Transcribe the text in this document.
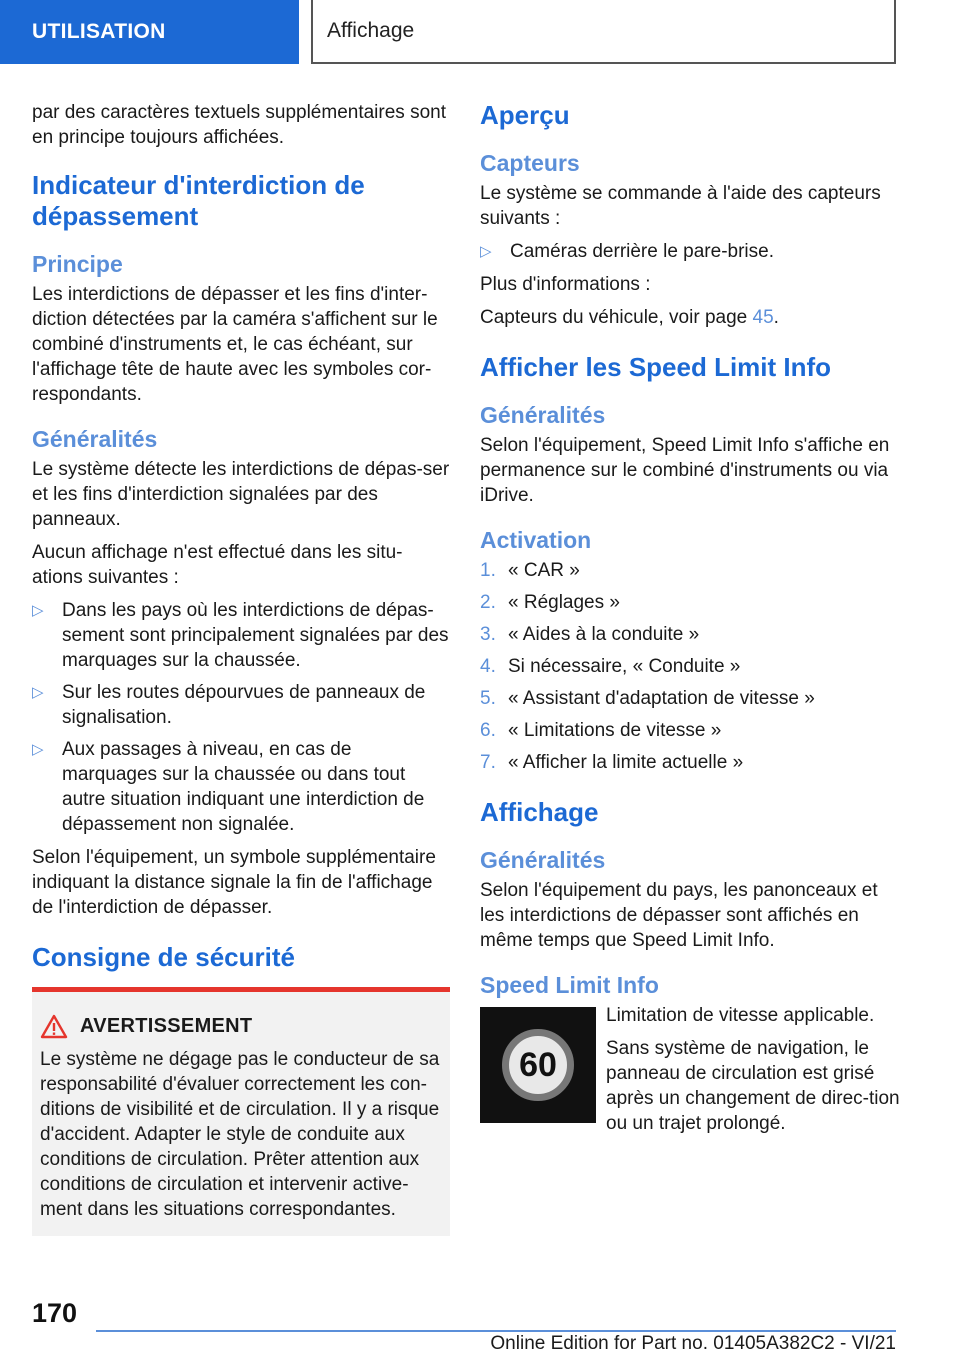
UTILISATION	Affichage

par des caractères textuels supplémentaires sont en principe toujours affichées.

Indicateur d'interdiction de dépassement
Principe

Les interdictions de dépasser et les fins d'inter-diction détectées par la caméra s'affichent sur le combiné d'instruments et, le cas échéant, sur l'affichage tête de haute avec les symboles cor-respondants.

Généralités

Le système détecte les interdictions de dépas-ser et les fins d'interdiction signalées par des panneaux.

Aucun affichage n'est effectué dans les situ-ations suivantes :

▷ Dans les pays où les interdictions de dépas-sement sont principalement signalées par des marquages sur la chaussée.
▷ Sur les routes dépourvues de panneaux de signalisation.
▷ Aux passages à niveau, en cas de marquages sur la chaussée ou dans tout autre situation indiquant une interdiction de dépassement non signalée.

Selon l'équipement, un symbole supplémentaire indiquant la distance signale la fin de l'affichage de l'interdiction de dépasser.

Consigne de sécurité
AVERTISSEMENT

Le système ne dégage pas le conducteur de sa responsabilité d'évaluer correctement les con-ditions de visibilité et de circulation. Il y a risque d'accident. Adapter le style de conduite aux conditions de circulation. Prêter attention aux conditions de circulation et intervenir active-ment dans les situations correspondantes.

Aperçu
Capteurs

Le système se commande à l'aide des capteurs suivants :

▷ Caméras derrière le pare-brise.

Plus d'informations :

Capteurs du véhicule, voir page 45.

Afficher les Speed Limit Info
Généralités

Selon l'équipement, Speed Limit Info s'affiche en permanence sur le combiné d'instruments ou via iDrive.

Activation
1. « CAR »
2. « Réglages »
3. « Aides à la conduite »
4. Si nécessaire, « Conduite »
5. « Assistant d'adaptation de vitesse »
6. « Limitations de vitesse »
7. « Afficher la limite actuelle »
Affichage
Généralités

Selon l'équipement du pays, les panonceaux et les interdictions de dépasser sont affichés en même temps que Speed Limit Info.

Speed Limit Info
60

Limitation de vitesse applicable.

Sans système de navigation, le panneau de circulation est grisé après un changement de direc-tion ou un trajet prolongé.

170
Online Edition for Part no. 01405A382C2 - VI/21
